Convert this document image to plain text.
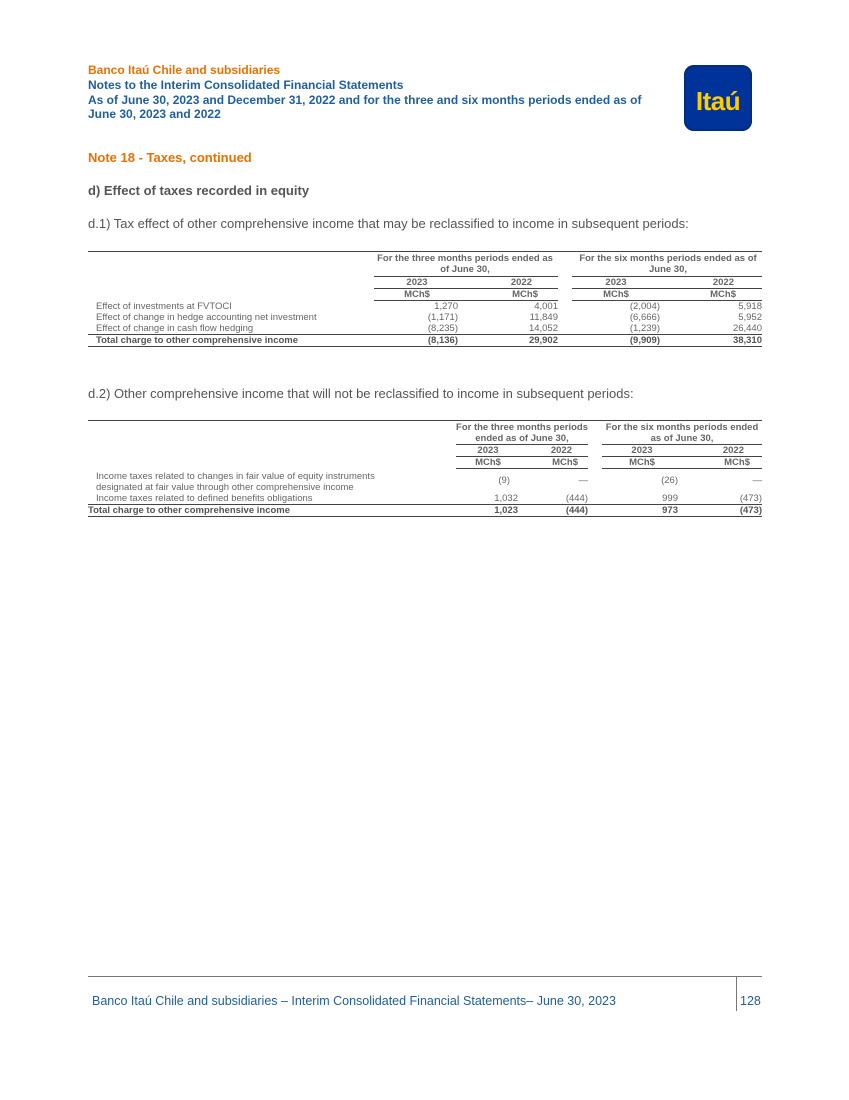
Banco Itaú Chile and subsidiaries
Notes to the Interim Consolidated Financial Statements
As of June 30, 2023 and December 31, 2022 and for the three and six months periods ended as of
June 30, 2023 and 2022	Itaú
Note 18 - Taxes, continued
d) Effect of taxes recorded in equity
d.1) Tax effect of other comprehensive income that may be reclassified to income in subsequent periods:

	For the three months periods ended as of June 30,			For the six months periods ended as of June 30,	
	2023	2022		2023	2022
	MCh$	MCh$		MCh$	MCh$
Effect of investments at FVTOCI	1,270	4,001		(2,004)	5,918
Effect of change in hedge accounting net investment	(1,171)	11,849		(6,666)	5,952
Effect of change in cash flow hedging	(8,235)	14,052		(1,239)	26,440
Total charge to other comprehensive income	(8,136)	29,902		(9,909)	38,310
d.2) Other comprehensive income that will not be reclassified to income in subsequent periods:

	For the three months periods ended as of June 30,			For the six months periods ended as of June 30,	
	2023	2022		2023	2022
	MCh$	MCh$		MCh$	MCh$

Income taxes related to changes in fair value of equity instruments designated at fair value through other comprehensive income	(9)	—		(26)	—
Income taxes related to defined benefits obligations	1,032	(444)		999	(473)
Total charge to other comprehensive income	1,023	(444)		973	(473)
Banco Itaú Chile and subsidiaries – Interim Consolidated Financial Statements– June 30, 2023	128
